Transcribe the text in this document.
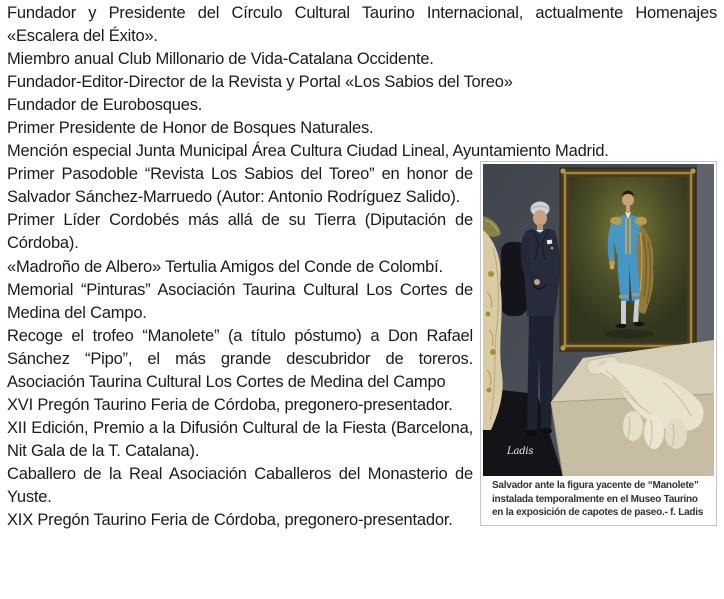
Fundador y Presidente del Círculo Cultural Taurino Internacional, actualmente Homenajes «Escalera del Éxito».

Miembro anual Club Millonario de Vida-Catalana Occidente.

Fundador-Editor-Director de la Revista y Portal «Los Sabios del Toreo»

Fundador de Eurobosques.

Primer Presidente de Honor de Bosques Naturales.

Mención especial Junta Municipal Área Cultura Ciudad Lineal, Ayuntamiento Madrid.

Ladis
Salvador ante la figura yacente de “Manolete”
instalada temporalmente en el Museo Taurino
en la exposición de capotes de paseo.- f. Ladis

Primer Pasodoble “Revista Los Sabios del Toreo” en honor de Salvador Sánchez-Marruedo (Autor: Antonio Rodríguez Salido).

Primer Líder Cordobés más allá de su Tierra (Diputación de Córdoba).

«Madroño de Albero» Tertulia Amigos del Conde de Colombí.

Memorial “Pinturas” Asociación Taurina Cultural Los Cortes de Medina del Campo.

Recoge el trofeo “Manolete” (a título póstumo) a Don Rafael Sánchez “Pipo”, el más grande descubridor de toreros. Asociación Taurina Cultural Los Cortes de Medina del Campo

XVI Pregón Taurino Feria de Córdoba, pregonero-presentador.

XII Edición, Premio a la Difusión Cultural de la Fiesta (Barcelona, Nit Gala de la T. Catalana).

Caballero de la Real Asociación Caballeros del Monasterio de Yuste.

XIX Pregón Taurino Feria de Córdoba, pregonero-presentador.
